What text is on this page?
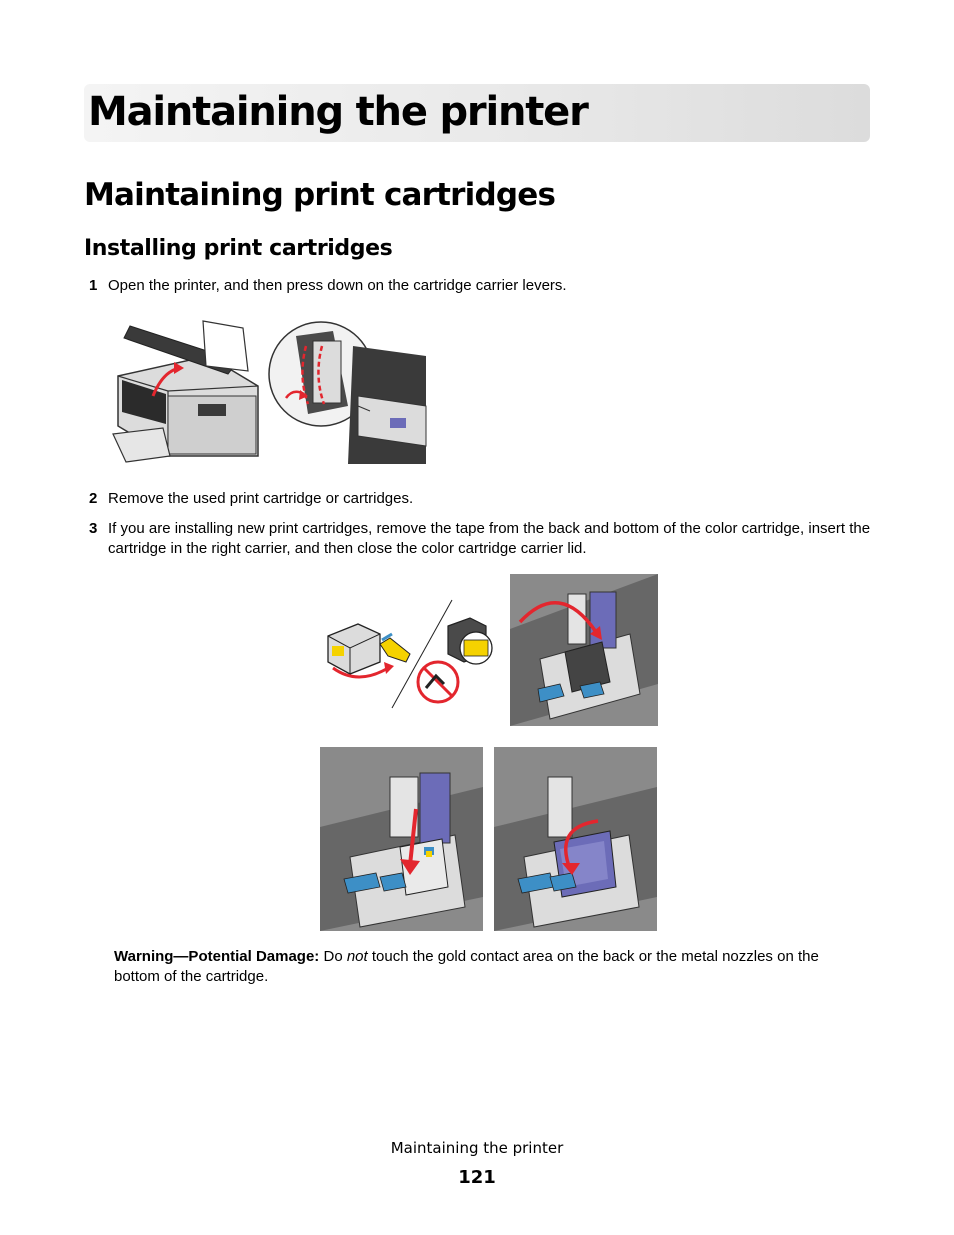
Maintaining the printer
Maintaining print cartridges
Installing print cartridges
1 Open the printer, and then press down on the cartridge carrier levers.

2 Remove the used print cartridge or cartridges.

3 If you are installing new print cartridges, remove the tape from the back and bottom of the color cartridge, insert the cartridge in the right carrier, and then close the color cartridge carrier lid.

Warning—Potential Damage: Do not touch the gold contact area on the back or the metal nozzles on the bottom of the cartridge.

Maintaining the printer
121
